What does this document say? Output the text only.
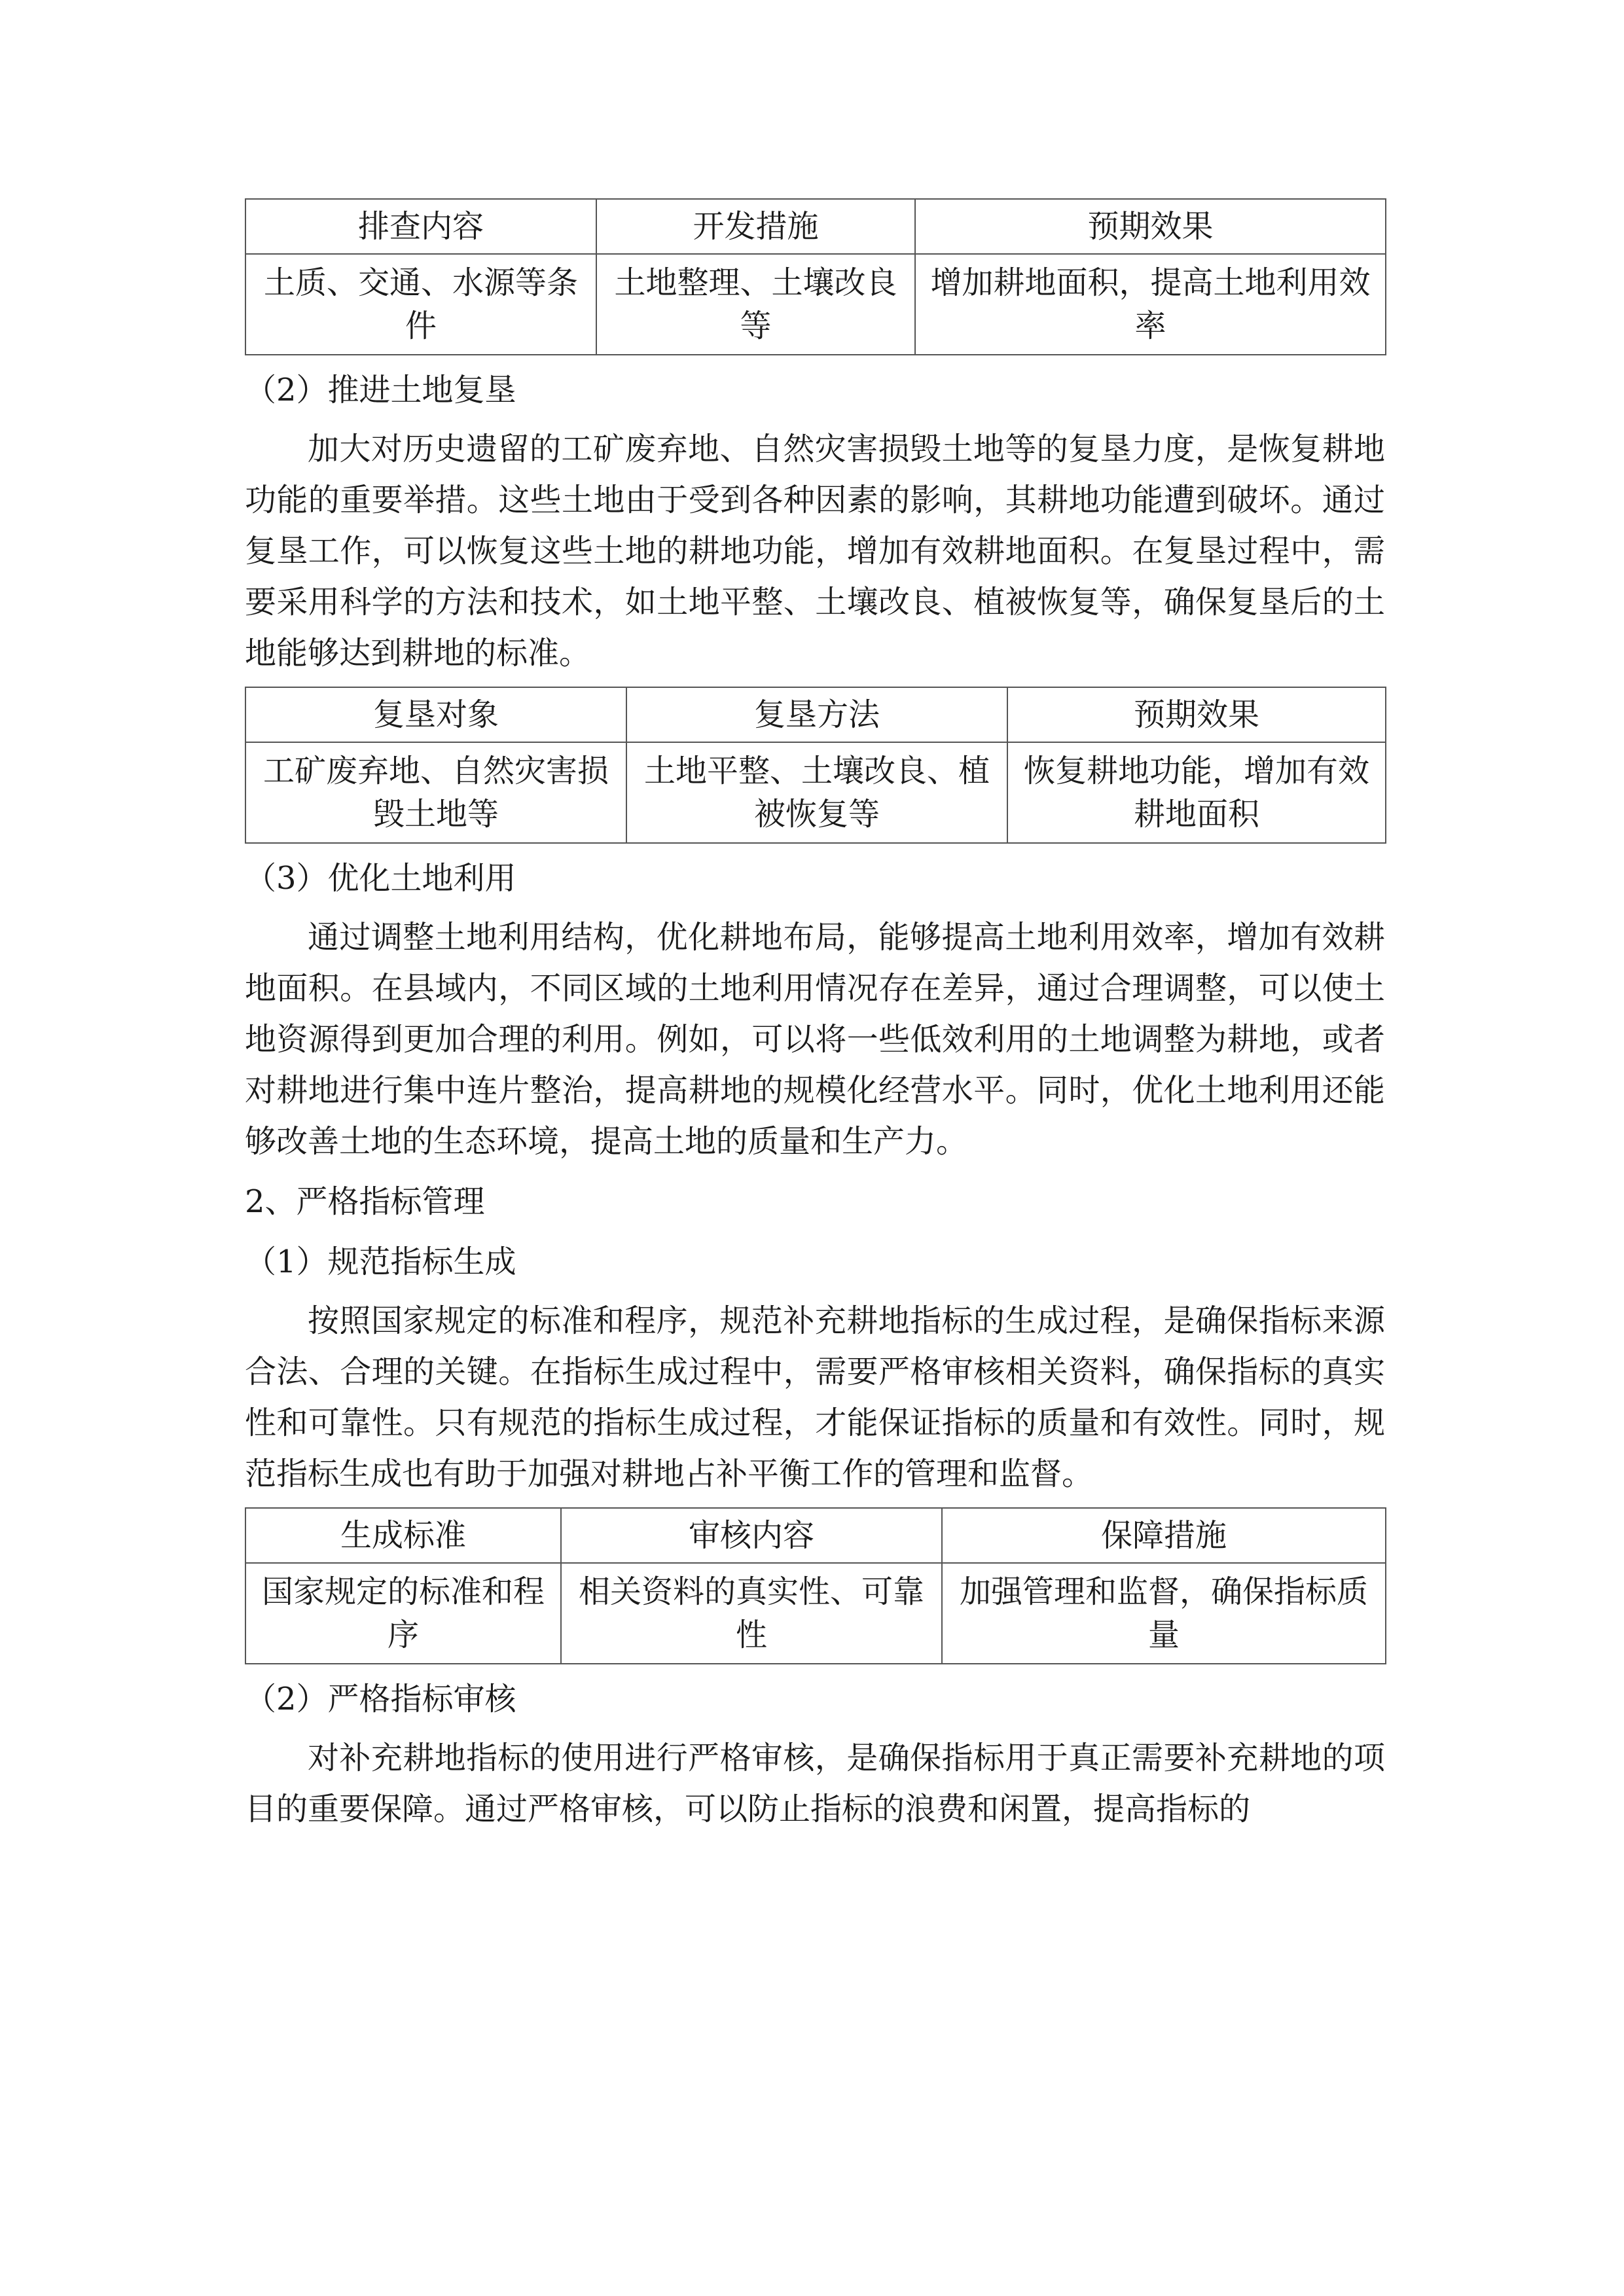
排查内容	开发措施	预期效果
土质、交通、水源等条件	土地整理、土壤改良等	增加耕地面积，提高土地利用效率
（2）推进土地复垦

加大对历史遗留的工矿废弃地、自然灾害损毁土地等的复垦力度，是恢复耕地功能的重要举措。这些土地由于受到各种因素的影响，其耕地功能遭到破坏。通过复垦工作，可以恢复这些土地的耕地功能，增加有效耕地面积。在复垦过程中，需要采用科学的方法和技术，如土地平整、土壤改良、植被恢复等，确保复垦后的土地能够达到耕地的标准。

复垦对象	复垦方法	预期效果
工矿废弃地、自然灾害损毁土地等	土地平整、土壤改良、植被恢复等	恢复耕地功能，增加有效耕地面积
（3）优化土地利用

通过调整土地利用结构，优化耕地布局，能够提高土地利用效率，增加有效耕地面积。在县域内，不同区域的土地利用情况存在差异，通过合理调整，可以使土地资源得到更加合理的利用。例如，可以将一些低效利用的土地调整为耕地，或者对耕地进行集中连片整治，提高耕地的规模化经营水平。同时，优化土地利用还能够改善土地的生态环境，提高土地的质量和生产力。

2、严格指标管理
（1）规范指标生成

按照国家规定的标准和程序，规范补充耕地指标的生成过程，是确保指标来源合法、合理的关键。在指标生成过程中，需要严格审核相关资料，确保指标的真实性和可靠性。只有规范的指标生成过程，才能保证指标的质量和有效性。同时，规范指标生成也有助于加强对耕地占补平衡工作的管理和监督。

生成标准	审核内容	保障措施
国家规定的标准和程序	相关资料的真实性、可靠性	加强管理和监督，确保指标质量
（2）严格指标审核

对补充耕地指标的使用进行严格审核，是确保指标用于真正需要补充耕地的项目的重要保障。通过严格审核，可以防止指标的浪费和闲置，提高指标的
